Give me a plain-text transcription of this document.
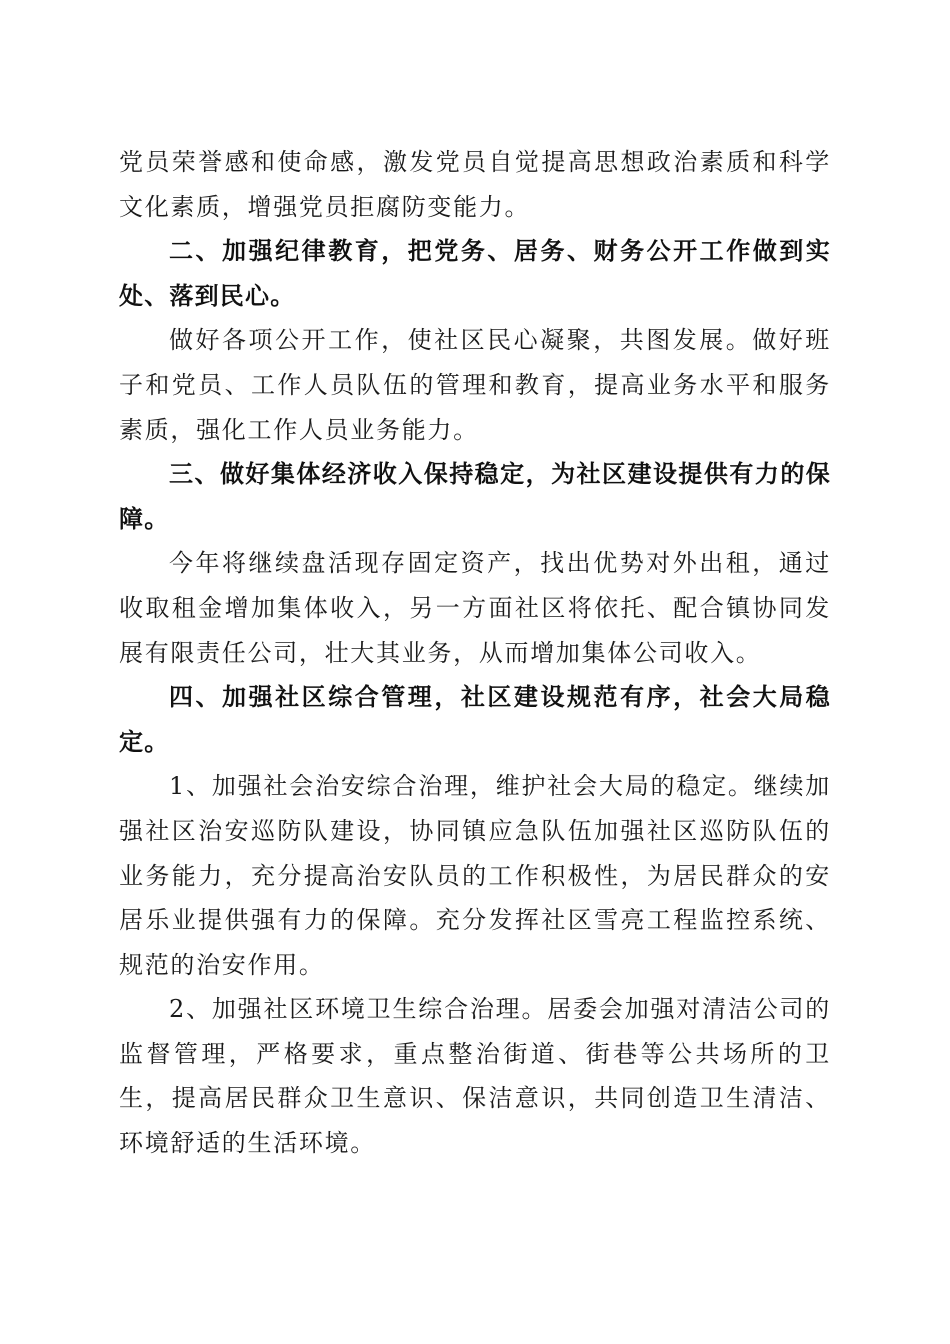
党员荣誉感和使命感，激发党员自觉提高思想政治素质和科学文化素质，增强党员拒腐防变能力。

二、加强纪律教育，把党务、居务、财务公开工作做到实处、落到民心。

做好各项公开工作，使社区民心凝聚，共图发展。做好班子和党员、工作人员队伍的管理和教育，提高业务水平和服务素质，强化工作人员业务能力。

三、做好集体经济收入保持稳定，为社区建设提供有力的保障。

今年将继续盘活现存固定资产，找出优势对外出租，通过收取租金增加集体收入，另一方面社区将依托、配合镇协同发展有限责任公司，壮大其业务，从而增加集体公司收入。

四、加强社区综合管理，社区建设规范有序，社会大局稳定。

1、加强社会治安综合治理，维护社会大局的稳定。继续加强社区治安巡防队建设，协同镇应急队伍加强社区巡防队伍的业务能力，充分提高治安队员的工作积极性，为居民群众的安居乐业提供强有力的保障。充分发挥社区雪亮工程监控系统、规范的治安作用。

2、加强社区环境卫生综合治理。居委会加强对清洁公司的监督管理，严格要求，重点整治街道、街巷等公共场所的卫生，提高居民群众卫生意识、保洁意识，共同创造卫生清洁、环境舒适的生活环境。
